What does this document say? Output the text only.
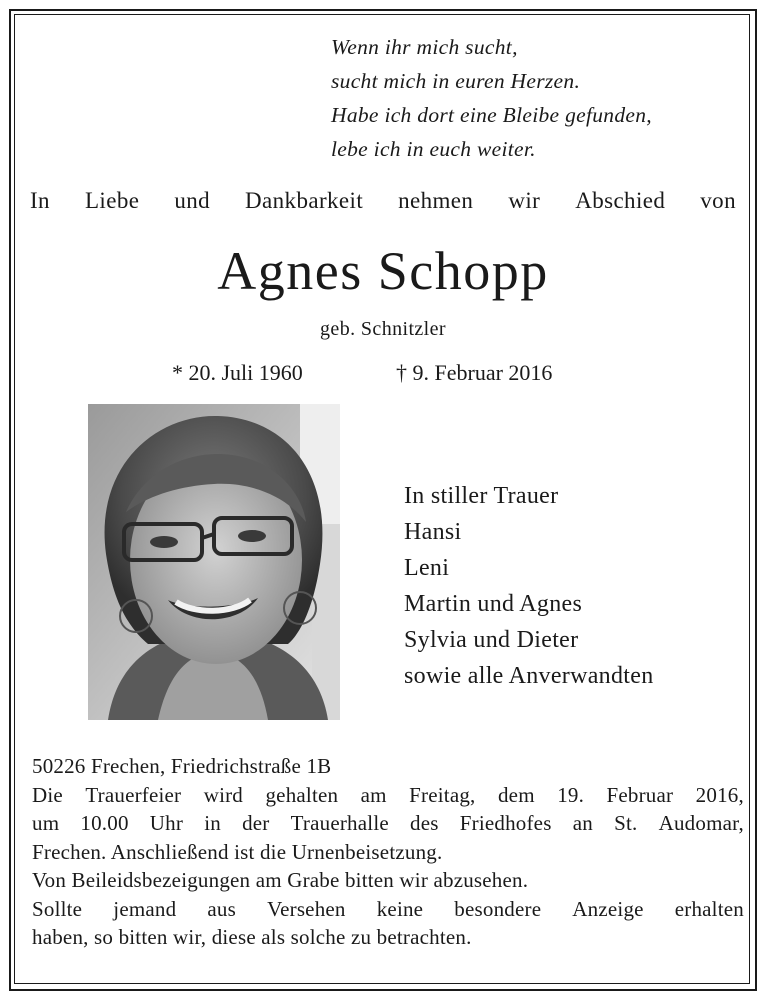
Wenn ihr mich sucht,
sucht mich in euren Herzen.
Habe ich dort eine Bleibe gefunden,
lebe ich in euch weiter.
In Liebe und Dankbarkeit nehmen wir Abschied von
Agnes Schopp
geb. Schnitzler
* 20. Juli 1960	† 9. Februar 2016
In stiller Trauer
Hansi
Leni
Martin und Agnes
Sylvia und Dieter
sowie alle Anverwandten
50226 Frechen, Friedrichstraße 1B
Die Trauerfeier wird gehalten am Freitag, dem 19. Februar 2016,
um 10.00 Uhr in der Trauerhalle des Friedhofes an St. Audomar,
Frechen. Anschließend ist die Urnenbeisetzung.
Von Beileidsbezeigungen am Grabe bitten wir abzusehen.
Sollte jemand aus Versehen keine besondere Anzeige erhalten
haben, so bitten wir, diese als solche zu betrachten.
